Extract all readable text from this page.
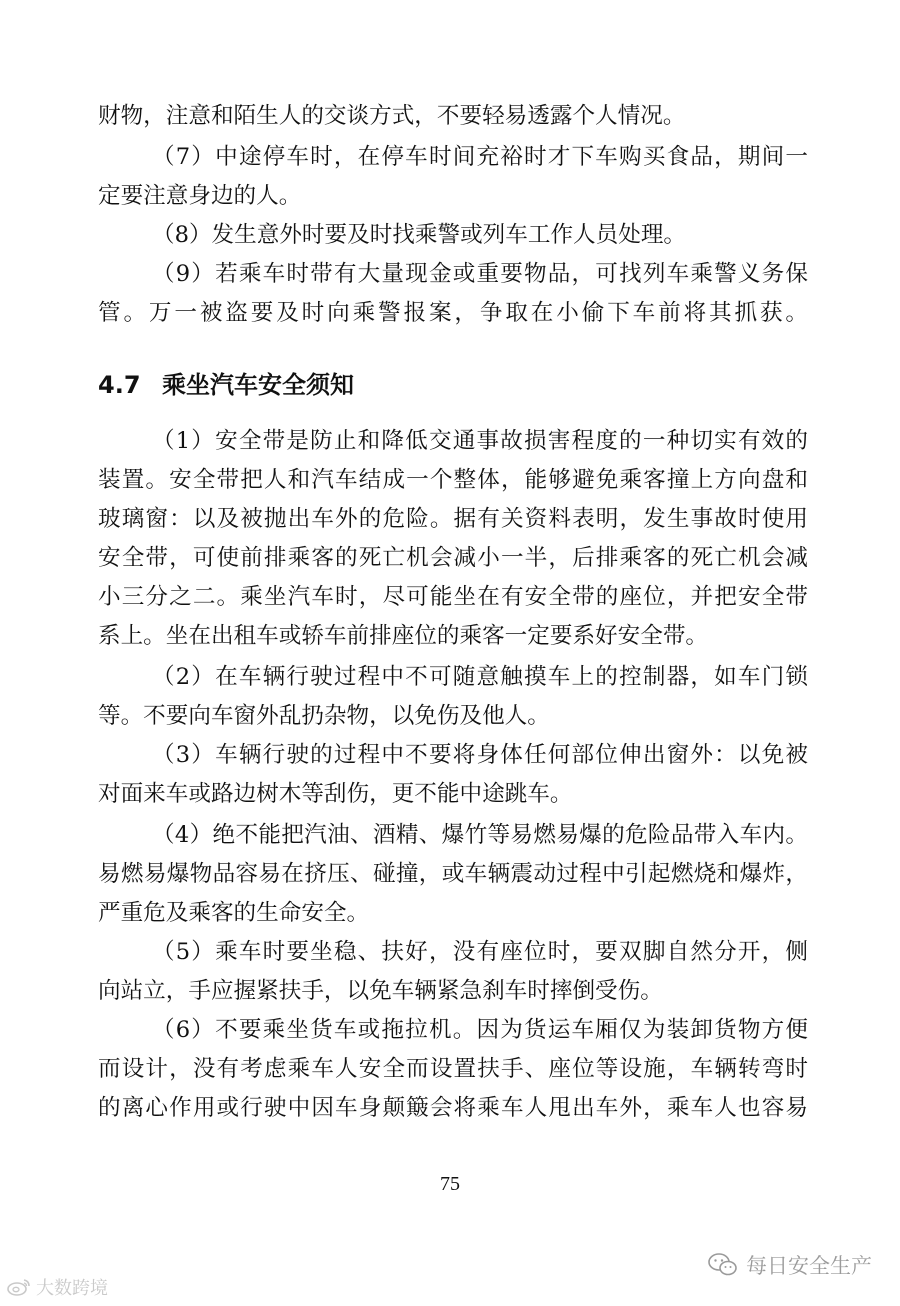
财物，注意和陌生人的交谈方式，不要轻易透露个人情况。
（7）中途停车时，在停车时间充裕时才下车购买食品，期间一
定要注意身边的人。
（8）发生意外时要及时找乘警或列车工作人员处理。
（9）若乘车时带有大量现金或重要物品，可找列车乘警义务保
管。万一被盗要及时向乘警报案，争取在小偷下车前将其抓获。
4.7 乘坐汽车安全须知
（1）安全带是防止和降低交通事故损害程度的一种切实有效的
装置。安全带把人和汽车结成一个整体，能够避免乘客撞上方向盘和
玻璃窗：以及被抛出车外的危险。据有关资料表明，发生事故时使用
安全带，可使前排乘客的死亡机会减小一半，后排乘客的死亡机会减
小三分之二。乘坐汽车时，尽可能坐在有安全带的座位，并把安全带
系上。坐在出租车或轿车前排座位的乘客一定要系好安全带。
（2）在车辆行驶过程中不可随意触摸车上的控制器，如车门锁
等。不要向车窗外乱扔杂物，以免伤及他人。
（3）车辆行驶的过程中不要将身体任何部位伸出窗外：以免被
对面来车或路边树木等刮伤，更不能中途跳车。
（4）绝不能把汽油、酒精、爆竹等易燃易爆的危险品带入车内。
易燃易爆物品容易在挤压、碰撞，或车辆震动过程中引起燃烧和爆炸，
严重危及乘客的生命安全。
（5）乘车时要坐稳、扶好，没有座位时，要双脚自然分开，侧
向站立，手应握紧扶手，以免车辆紧急刹车时摔倒受伤。
（6）不要乘坐货车或拖拉机。因为货运车厢仅为装卸货物方便
而设计，没有考虑乘车人安全而设置扶手、座位等设施，车辆转弯时
的离心作用或行驶中因车身颠簸会将乘车人甩出车外，乘车人也容易
75
大数跨境
每日安全生产
